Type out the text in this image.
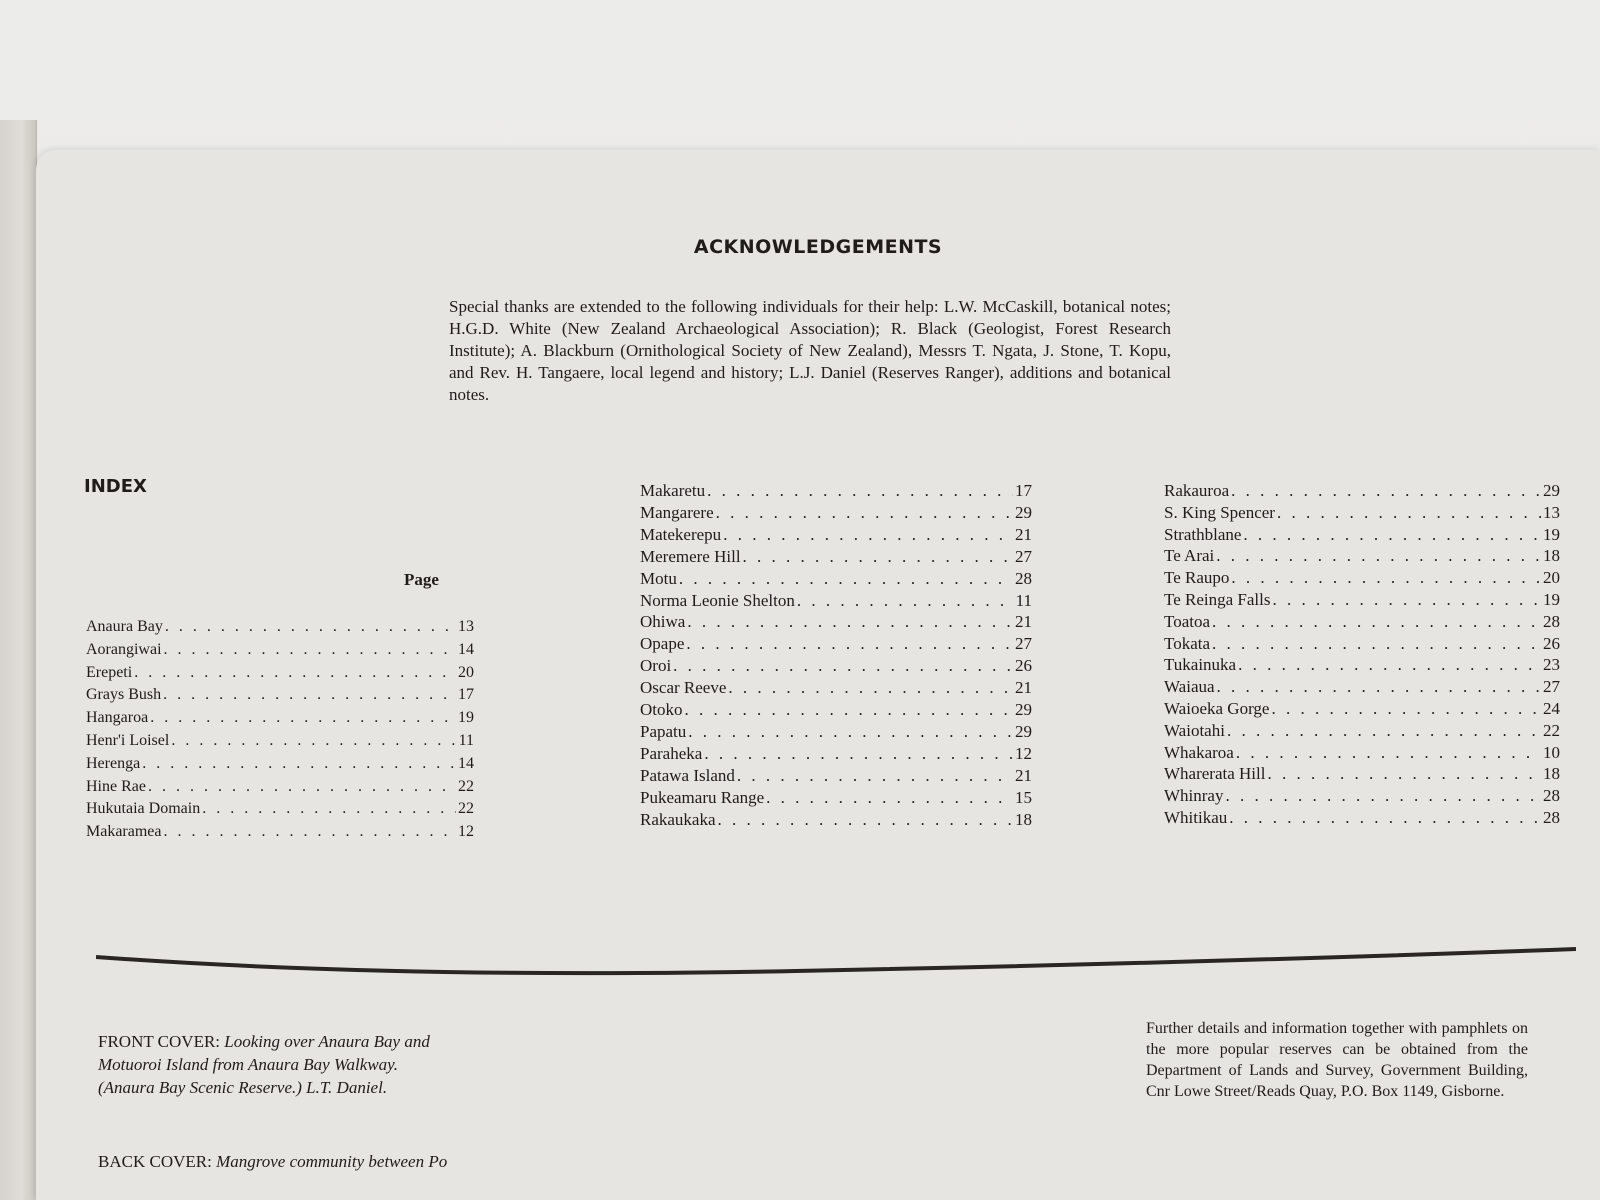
ACKNOWLEDGEMENTS
Special thanks are extended to the following individuals for their help: L.W. McCaskill, botanical notes; H.G.D. White (New Zealand Archaeological Association); R. Black (Geologist, Forest Research Institute); A. Blackburn (Ornithological Society of New Zealand), Messrs T. Ngata, J. Stone, T. Kopu, and Rev. H. Tangaere, local legend and history; L.J. Daniel (Reserves Ranger), additions and botanical notes.
INDEX
Page
Anaura Bay . . .	13
Aorangiwai . . .	14
Erepeti . . .	20
Grays Bush . . .	17
Hangaroa . . .	19
Henr'i Loisel . . .	11
Herenga . . .	14
Hine Rae . . .	22
Hukutaia Domain . . .	22
Makaramea . . .	12
Makaretu . . .	17
Mangarere . . .	29
Matekerepu . . .	21
Meremere Hill . . .	27
Motu . . .	28
Norma Leonie Shelton . . .	11
Ohiwa . . .	21
Opape . . .	27
Oroi . . .	26
Oscar Reeve . . .	21
Otoko . . .	29
Papatu . . .	29
Paraheka . . .	12
Patawa Island . . .	21
Pukeamaru Range . . .	15
Rakaukaka . . .	18
Rakauroa . . .	29
S. King Spencer . . .	13
Strathblane . . .	19
Te Arai . . .	18
Te Raupo . . .	20
Te Reinga Falls . . .	19
Toatoa . . .	28
Tokata . . .	26
Tukainuka . . .	23
Waiaua . . .	27
Waioeka Gorge . . .	24
Waiotahi . . .	22
Whakaroa . . .	10
Wharerata Hill . . .	18
Whinray . . .	28
Whitikau . . .	28
FRONT COVER: Looking over Anaura Bay and Motuoroi Island from Anaura Bay Walkway. (Anaura Bay Scenic Reserve.) L.T. Daniel.
BACK COVER: Mangrove community between Po
Further details and information together with pamphlets on the more popular reserves can be obtained from the Department of Lands and Survey, Government Building, Cnr Lowe Street/Reads Quay, P.O. Box 1149, Gisborne.
